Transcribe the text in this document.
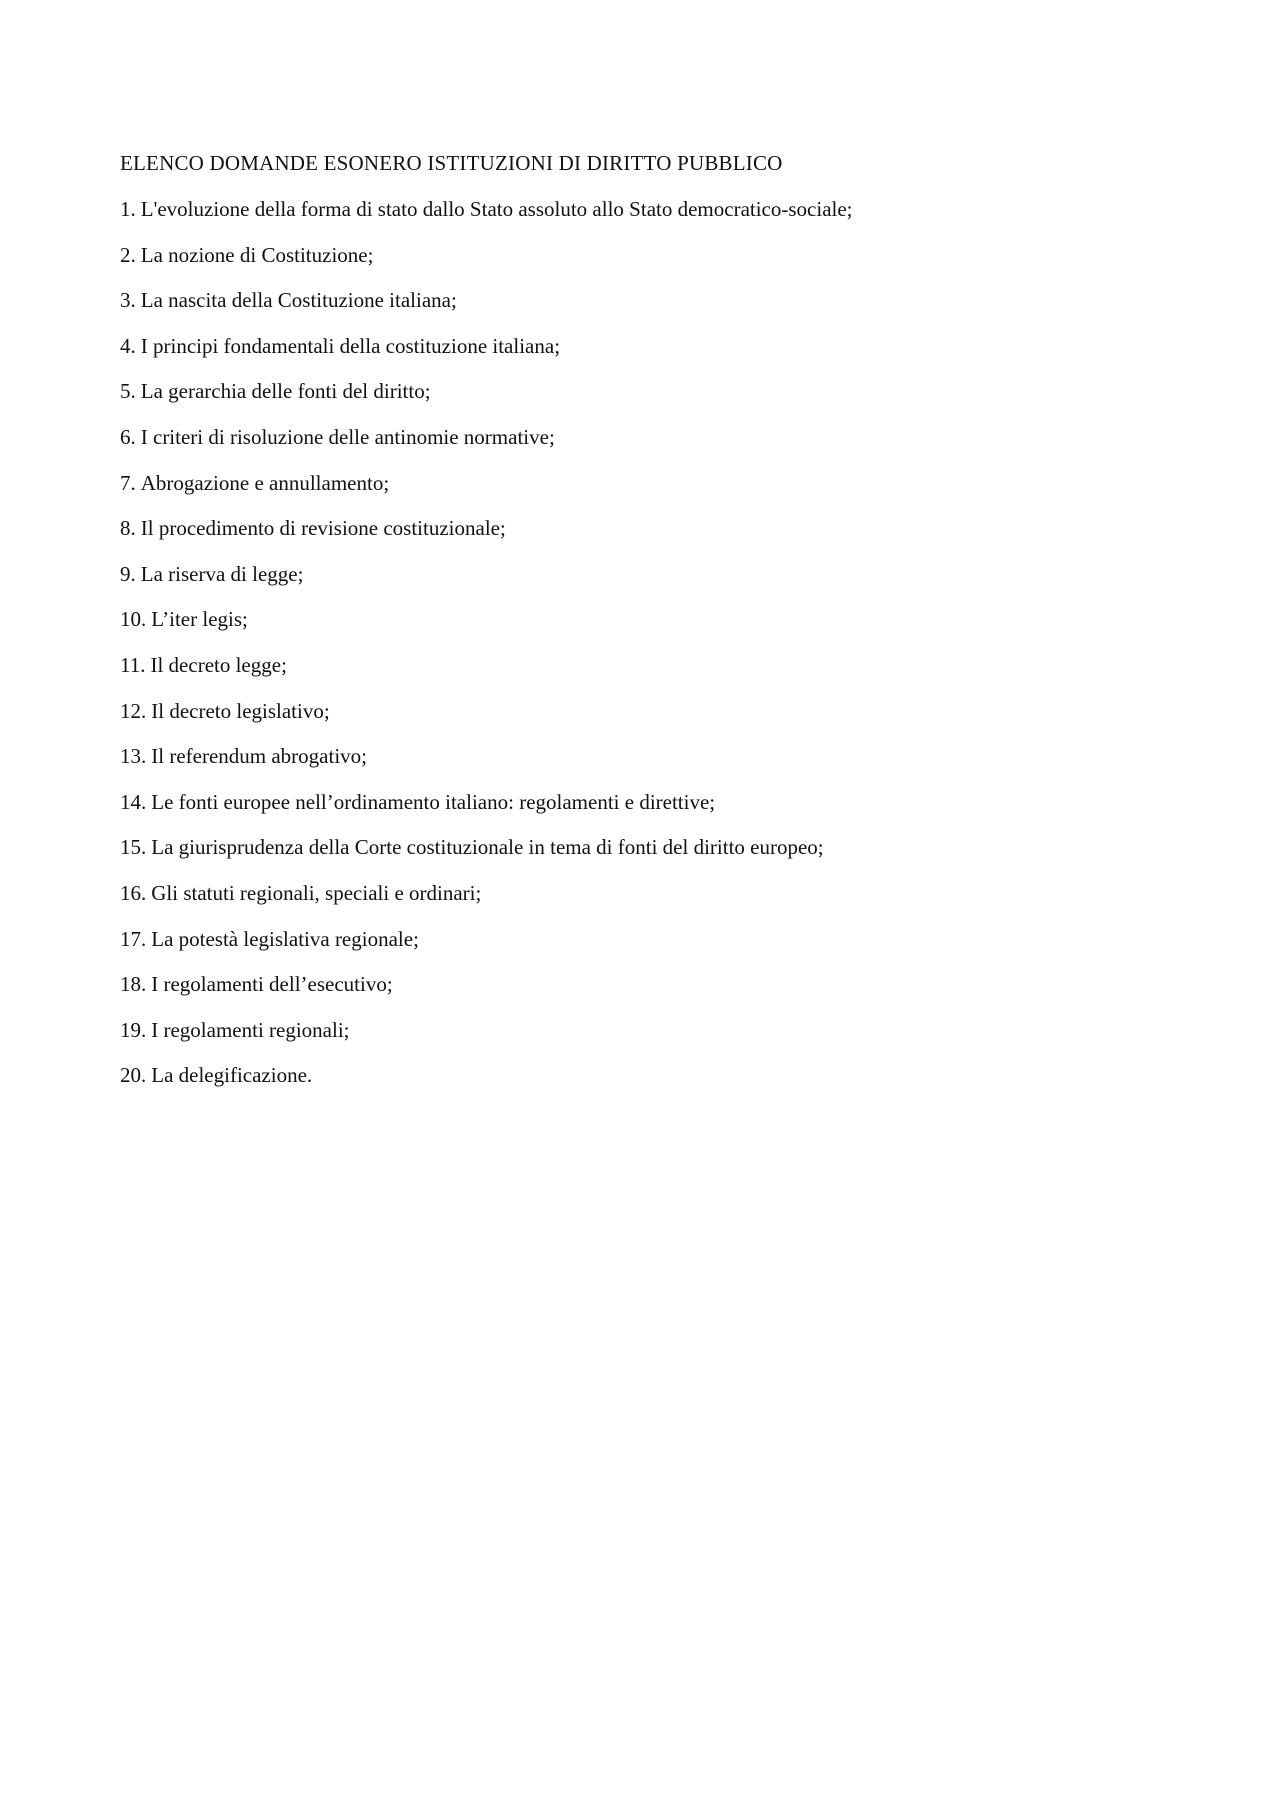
ELENCO DOMANDE ESONERO ISTITUZIONI DI DIRITTO PUBBLICO
1. L'evoluzione della forma di stato dallo Stato assoluto allo Stato democratico-sociale;
2. La nozione di Costituzione;
3. La nascita della Costituzione italiana;
4. I principi fondamentali della costituzione italiana;
5. La gerarchia delle fonti del diritto;
6. I criteri di risoluzione delle antinomie normative;
7. Abrogazione e annullamento;
8. Il procedimento di revisione costituzionale;
9. La riserva di legge;
10. L’iter legis;
11. Il decreto legge;
12. Il decreto legislativo;
13. Il referendum abrogativo;
14. Le fonti europee nell’ordinamento italiano: regolamenti e direttive;
15. La giurisprudenza della Corte costituzionale in tema di fonti del diritto europeo;
16. Gli statuti regionali, speciali e ordinari;
17. La potestà legislativa regionale;
18. I regolamenti dell’esecutivo;
19. I regolamenti regionali;
20. La delegificazione.
